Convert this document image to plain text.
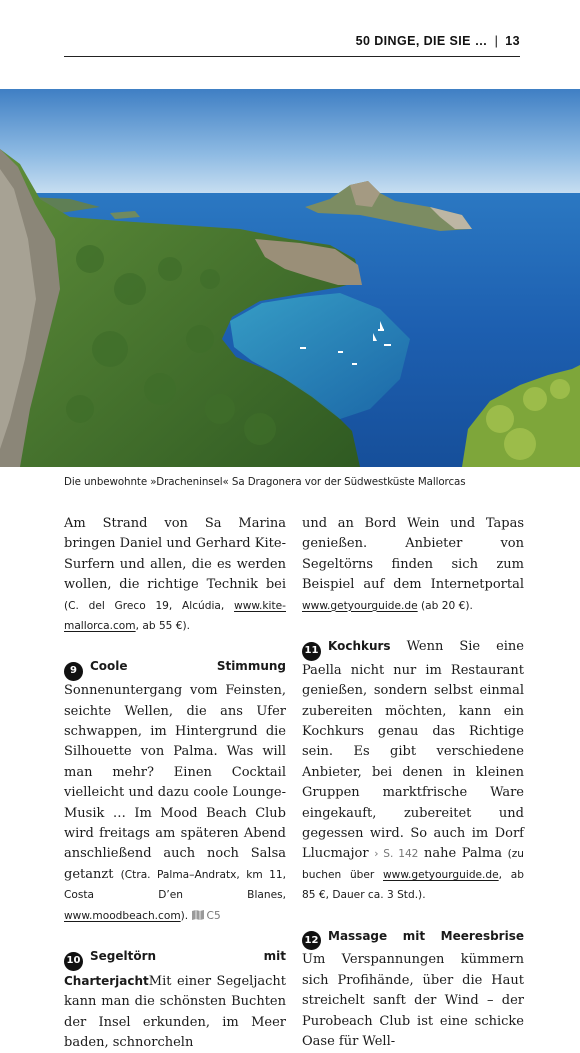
50 DINGE, DIE SIE … | 13
Die unbewohnte »Dracheninsel« Sa Dragonera vor der Südwestküste Mallorcas

Am Strand von Sa Marina bringen Daniel und Gerhard Kite-Surfern und allen, die es werden wollen, die richtige Technik bei (C. del Greco 19, Alcúdia, www.kite-mallorca.com, ab 55 €).

9 Coole Stimmung Sonnenuntergang vom Feinsten, seichte Wellen, die ans Ufer schwappen, im Hintergrund die Silhouette von Palma. Was will man mehr? Einen Cocktail vielleicht und dazu coole Lounge-Musik … Im Mood Beach Club wird freitags am späteren Abend anschließend auch noch Salsa getanzt (Ctra. Palma–Andratx, km 11, Costa D’en Blanes, www.moodbeach.com). C5

10 Segeltörn mit CharterjachtMit einer Segeljacht kann man die schönsten Buchten der Insel erkunden, im Meer baden, schnorcheln

und an Bord Wein und Tapas genießen. Anbieter von Segeltörns finden sich zum Beispiel auf dem Internetportal www.getyourguide.de (ab 20 €).

11 Kochkurs Wenn Sie eine Paella nicht nur im Restaurant genießen, sondern selbst einmal zubereiten möchten, kann ein Kochkurs genau das Richtige sein. Es gibt verschiedene Anbieter, bei denen in kleinen Gruppen marktfrische Ware eingekauft, zubereitet und gegessen wird. So auch im Dorf Llucmajor › S. 142 nahe Palma (zu buchen über www.getyourguide.de, ab 85 €, Dauer ca. 3 Std.).

12 Massage mit Meeresbrise Um Verspannungen kümmern sich Profihände, über die Haut streichelt sanft der Wind – der Purobeach Club ist eine schicke Oase für Well-
